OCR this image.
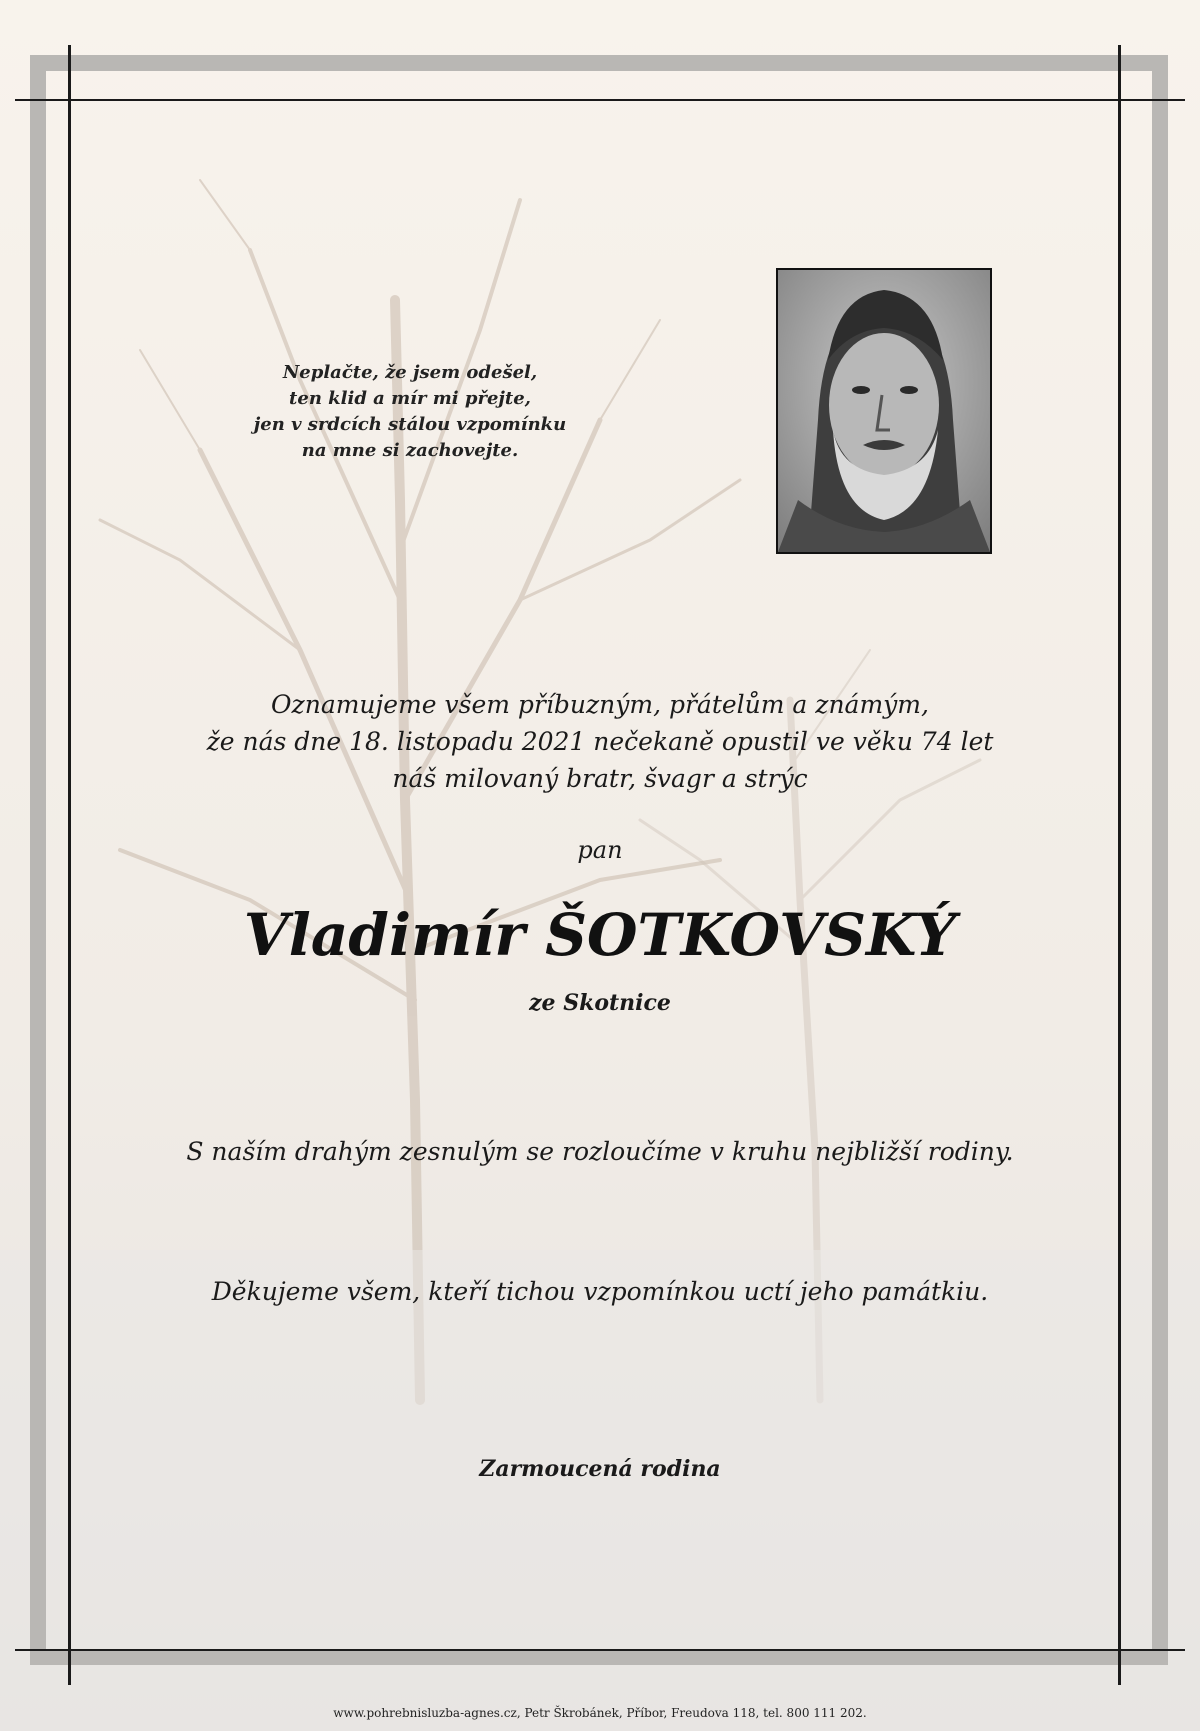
Neplačte, že jsem odešel,
ten klid a mír mi přejte,
jen v srdcích stálou vzpomínku
na mne si zachovejte.
Oznamujeme všem příbuzným, přátelům a známým,
že nás dne 18. listopadu 2021 nečekaně opustil ve věku 74 let
náš milovaný bratr, švagr a strýc
pan
Vladimír ŠOTKOVSKÝ
ze Skotnice
S naším drahým zesnulým se rozloučíme v kruhu nejbližší rodiny.
Děkujeme všem, kteří tichou vzpomínkou uctí jeho památkiu.
Zarmoucená rodina
www.pohrebnisluzba-agnes.cz, Petr Škrobánek, Příbor, Freudova 118, tel. 800 111 202.
